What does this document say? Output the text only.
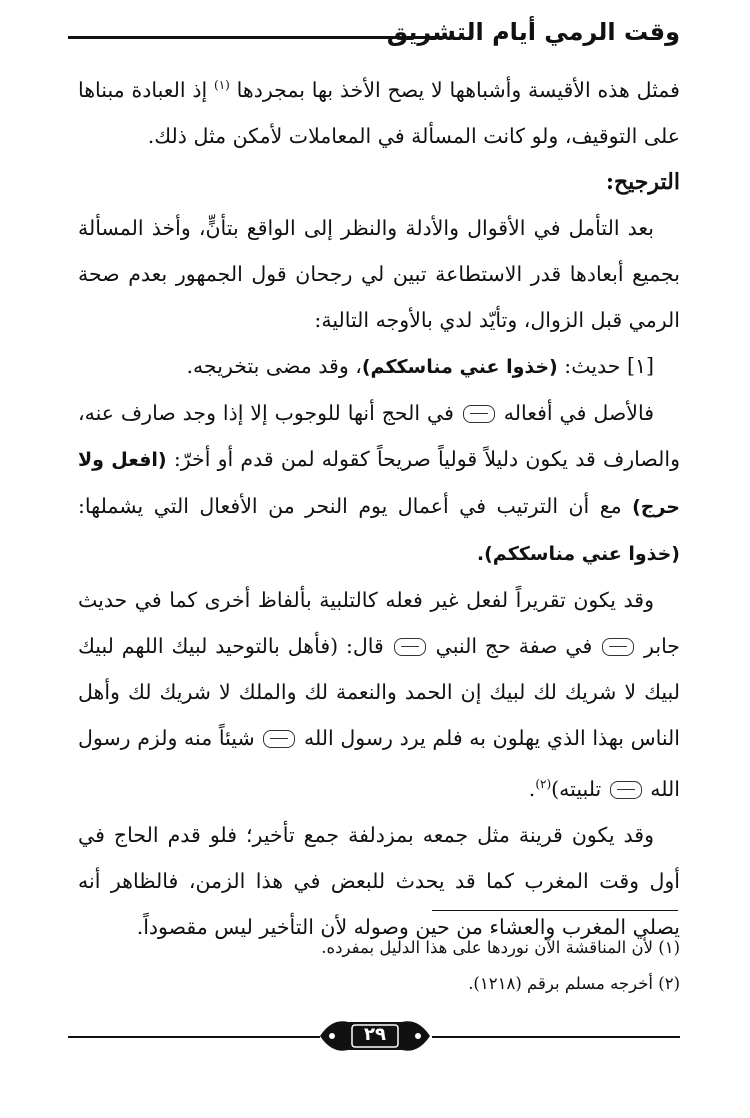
وقت الرمي أيام التشريق

فمثل هذه الأقيسة وأشباهها لا يصح الأخذ بها بمجردها $^{(١)}$ إذ العبادة مبناها على التوقيف، ولو كانت المسألة في المعاملات لأمكن مثل ذلك.

الترجيح:

بعد التأمل في الأقوال والأدلة والنظر إلى الواقع بتأنٍّ، وأخذ المسألة بجميع أبعادها قدر الاستطاعة تبين لي رجحان قول الجمهور بعدم صحة الرمي قبل الزوال، وتأيّد لدي بالأوجه التالية:

[١] حديث: (خذوا عني مناسككم)، وقد مضى بتخريجه.

فالأصل في أفعاله  في الحج أنها للوجوب إلا إذا وجد صارف عنه، والصارف قد يكون دليلاً قولياً صريحاً كقوله لمن قدم أو أخرّ: (افعل ولا حرج) مع أن الترتيب في أعمال يوم النحر من الأفعال التي يشملها: (خذوا عني مناسككم).

وقد يكون تقريراً لفعل غير فعله كالتلبية بألفاظ أخرى كما في حديث جابر  في صفة حج النبي  قال: (فأهل بالتوحيد لبيك اللهم لبيك لبيك لا شريك لك لبيك إن الحمد والنعمة لك والملك لا شريك لك وأهل الناس بهذا الذي يهلون به فلم يرد رسول الله  شيئاً منه ولزم رسول الله  تلبيته)$^{(٢)}$.

وقد يكون قرينة مثل جمعه بمزدلفة جمع تأخير؛ فلو قدم الحاج في أول وقت المغرب كما قد يحدث للبعض في هذا الزمن، فالظاهر أنه يصلي المغرب والعشاء من حين وصوله لأن التأخير ليس مقصوداً.

(١) لأن المناقشة الآن نوردها على هذا الدليل بمفرده.
(٢) أخرجه مسلم برقم (١٢١٨).
٢٩
